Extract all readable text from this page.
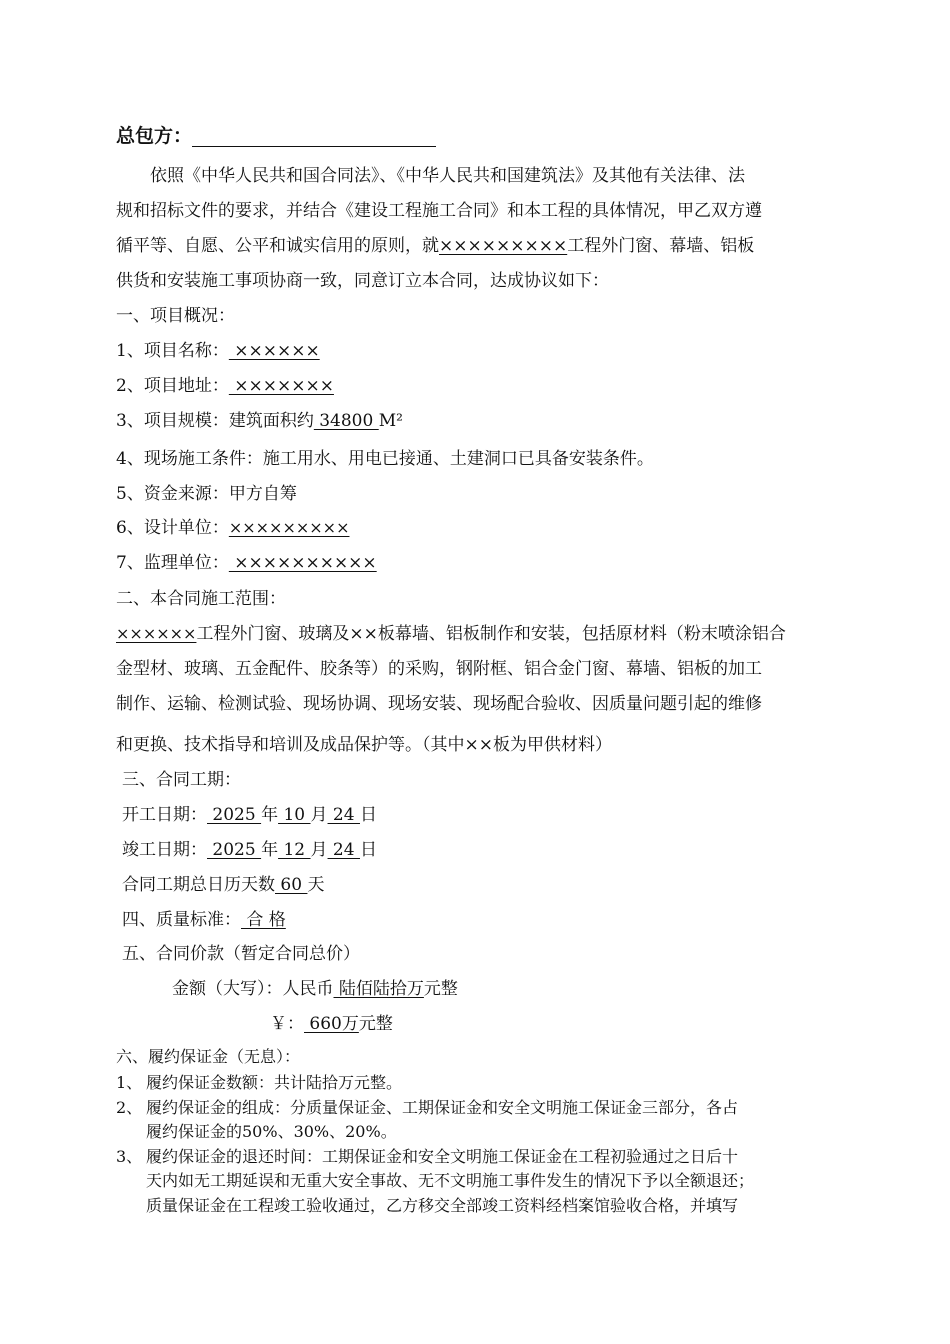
总包方：
依照《中华人民共和国合同法》、《中华人民共和国建筑法》及其他有关法律、法
规和招标文件的要求，并结合《建设工程施工合同》和本工程的具体情况，甲乙双方遵
循平等、自愿、公平和诚实信用的原则，就×××××××××工程外门窗、幕墙、铝板
供货和安装施工事项协商一致，同意订立本合同，达成协议如下：
一、项目概况：
1、项目名称： ××××××
2、项目地址： ×××××××
3、项目规模：建筑面积约 34800 M²
4、现场施工条件：施工用水、用电已接通、土建洞口已具备安装条件。
5、资金来源：甲方自筹
6、设计单位：×××××××××
7、监理单位： ××××××××××
二、本合同施工范围：
××××××工程外门窗、玻璃及××板幕墙、铝板制作和安装，包括原材料（粉末喷涂铝合
金型材、玻璃、五金配件、胶条等）的采购，钢附框、铝合金门窗、幕墙、铝板的加工
制作、运输、检测试验、现场协调、现场安装、现场配合验收、因质量问题引起的维修
和更换、技术指导和培训及成品保护等。（其中××板为甲供材料）
三、合同工期：
开工日期： 2025 年 10 月 24 日
竣工日期： 2025 年 12 月 24 日
合同工期总日历天数 60 天
四、质量标准： 合 格
五、合同价款（暂定合同总价）
金额（大写）：人民币 陆佰陆拾万元整
￥： 660万元整
六、履约保证金（无息）：
1、 履约保证金数额：共计陆拾万元整。
2、 履约保证金的组成：分质量保证金、工期保证金和安全文明施工保证金三部分，各占
履约保证金的50%、30%、20%。
3、 履约保证金的退还时间：工期保证金和安全文明施工保证金在工程初验通过之日后十
天内如无工期延误和无重大安全事故、无不文明施工事件发生的情况下予以全额退还；
质量保证金在工程竣工验收通过，乙方移交全部竣工资料经档案馆验收合格，并填写
